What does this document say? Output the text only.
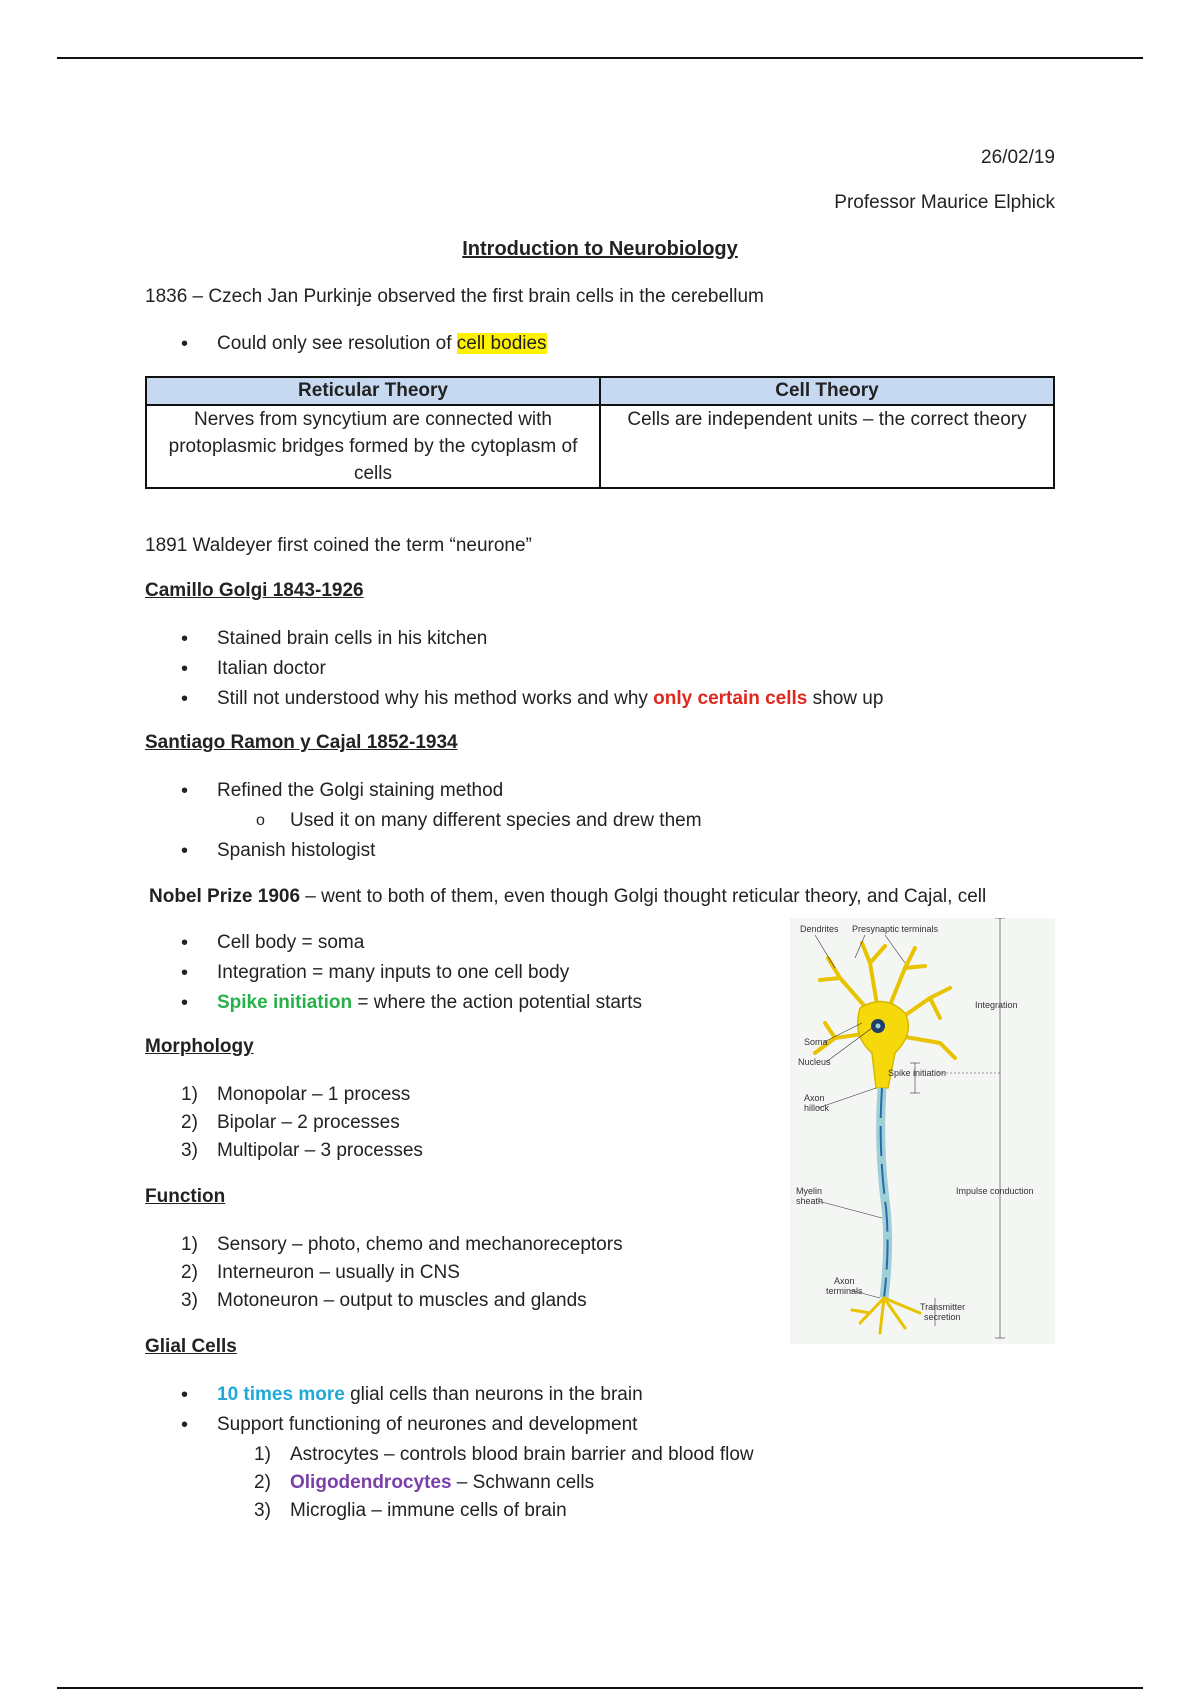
26/02/19
Professor Maurice Elphick
Introduction to Neurobiology
1836 – Czech Jan Purkinje observed the first brain cells in the cerebellum
• Could only see resolution of cell bodies
Reticular Theory	Cell Theory
Nerves from syncytium are connected with protoplasmic bridges formed by the cytoplasm of cells	Cells are independent units – the correct theory
1891 Waldeyer first coined the term “neurone”
Camillo Golgi 1843-1926
• Stained brain cells in his kitchen
• Italian doctor
• Still not understood why his method works and why only certain cells show up
Santiago Ramon y Cajal 1852-1934
• Refined the Golgi staining method
o Used it on many different species and drew them
• Spanish histologist
Nobel Prize 1906 – went to both of them, even though Golgi thought reticular theory, and Cajal, cell
• Cell body = soma
• Integration = many inputs to one cell body
• Spike initiation = where the action potential starts
Morphology
1) Monopolar – 1 process
2) Bipolar – 2 processes
3) Multipolar – 3 processes
Function
1) Sensory – photo, chemo and mechanoreceptors
2) Interneuron – usually in CNS
3) Motoneuron – output to muscles and glands
Glial Cells
• 10 times more glial cells than neurons in the brain
• Support functioning of neurones and development
1) Astrocytes – controls blood brain barrier and blood flow
2) Oligodendrocytes – Schwann cells
3) Microglia – immune cells of brain
Dendrites Presynaptic terminals
Integration
Soma
Nucleus
Spike initiation
Axon
hillock
Myelin
sheath
Impulse conduction
Axon
terminals
Transmitter
secretion
